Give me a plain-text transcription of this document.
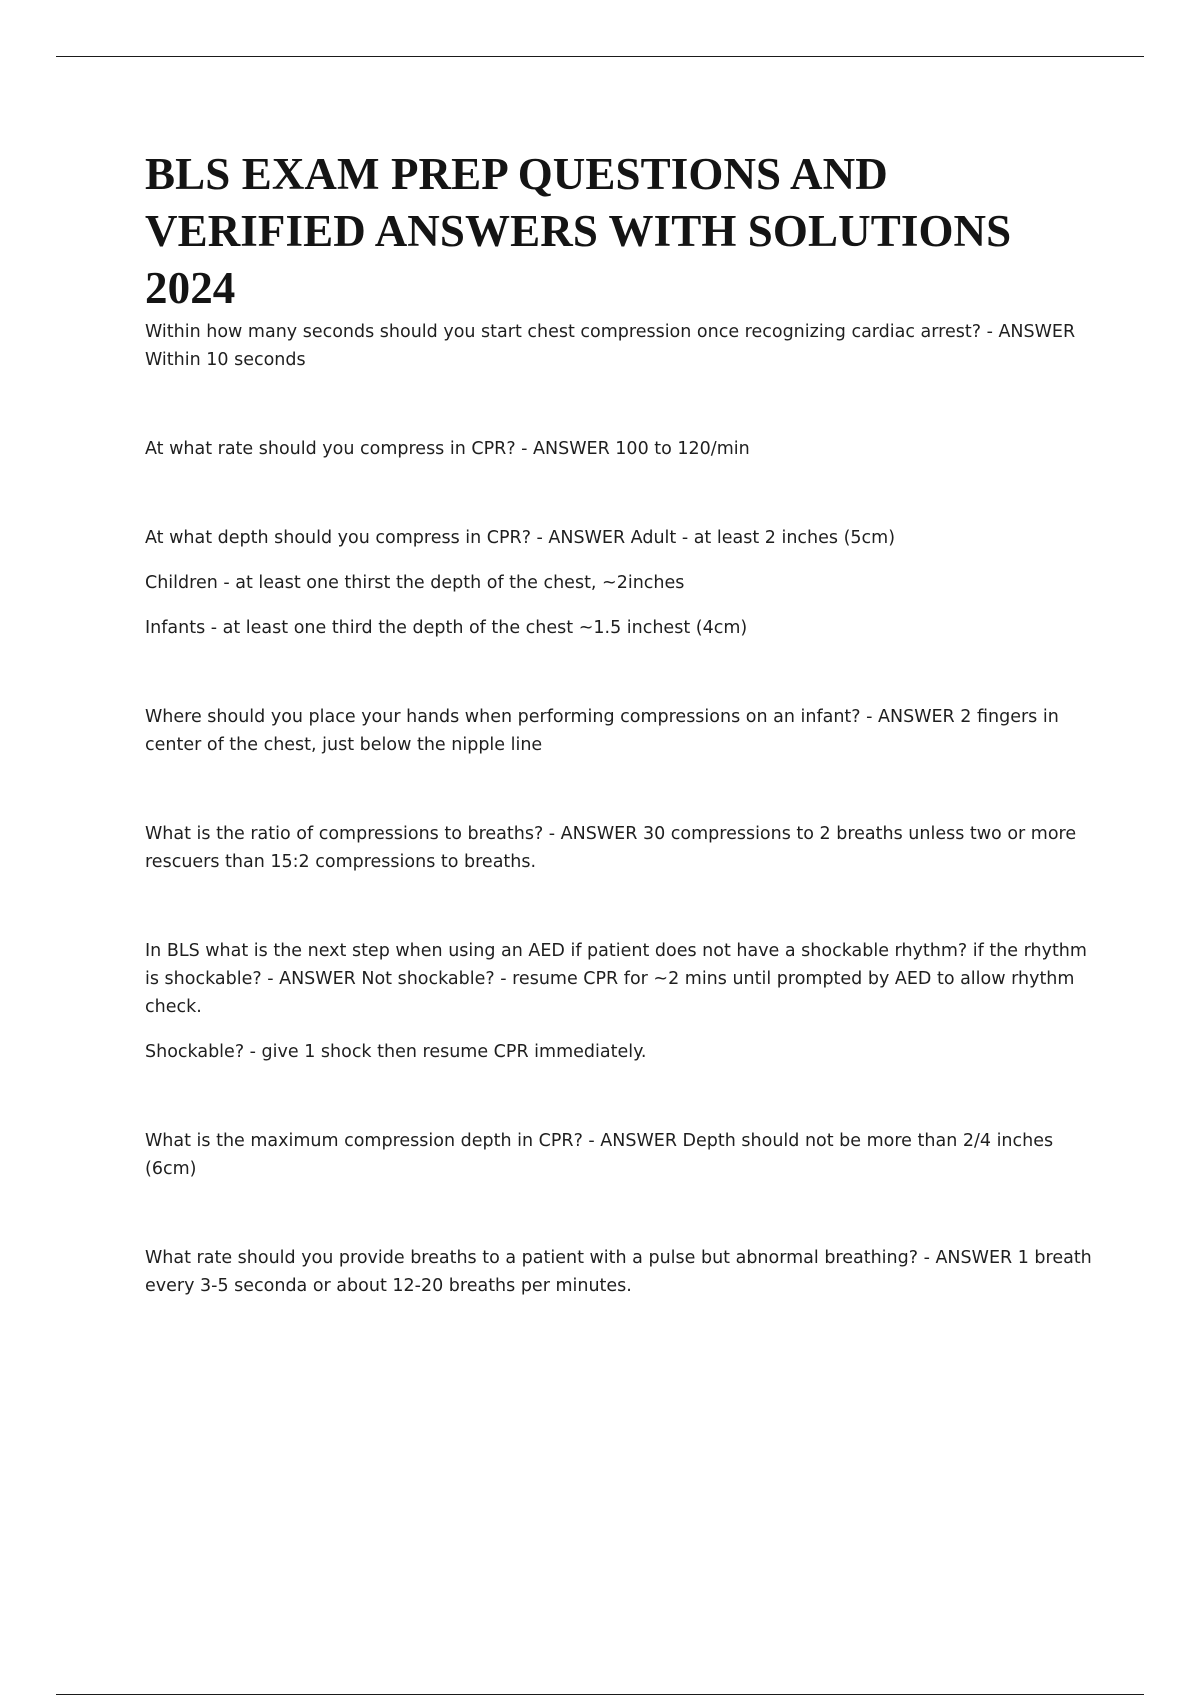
BLS EXAM PREP QUESTIONS AND VERIFIED ANSWERS WITH SOLUTIONS 2024

Within how many seconds should you start chest compression once recognizing cardiac arrest? - ANSWER Within 10 seconds

At what rate should you compress in CPR? - ANSWER 100 to 120/min

At what depth should you compress in CPR? - ANSWER Adult - at least 2 inches (5cm)

Children - at least one thirst the depth of the chest, ~2inches

Infants - at least one third the depth of the chest ~1.5 inchest (4cm)

Where should you place your hands when performing compressions on an infant? - ANSWER 2 fingers in center of the chest, just below the nipple line

What is the ratio of compressions to breaths? - ANSWER 30 compressions to 2 breaths unless two or more rescuers than 15:2 compressions to breaths.

In BLS what is the next step when using an AED if patient does not have a shockable rhythm? if the rhythm is shockable? - ANSWER Not shockable? - resume CPR for ~2 mins until prompted by AED to allow rhythm check.

Shockable? - give 1 shock then resume CPR immediately.

What is the maximum compression depth in CPR? - ANSWER Depth should not be more than 2/4 inches (6cm)

What rate should you provide breaths to a patient with a pulse but abnormal breathing? - ANSWER 1 breath every 3-5 seconda or about 12-20 breaths per minutes.
